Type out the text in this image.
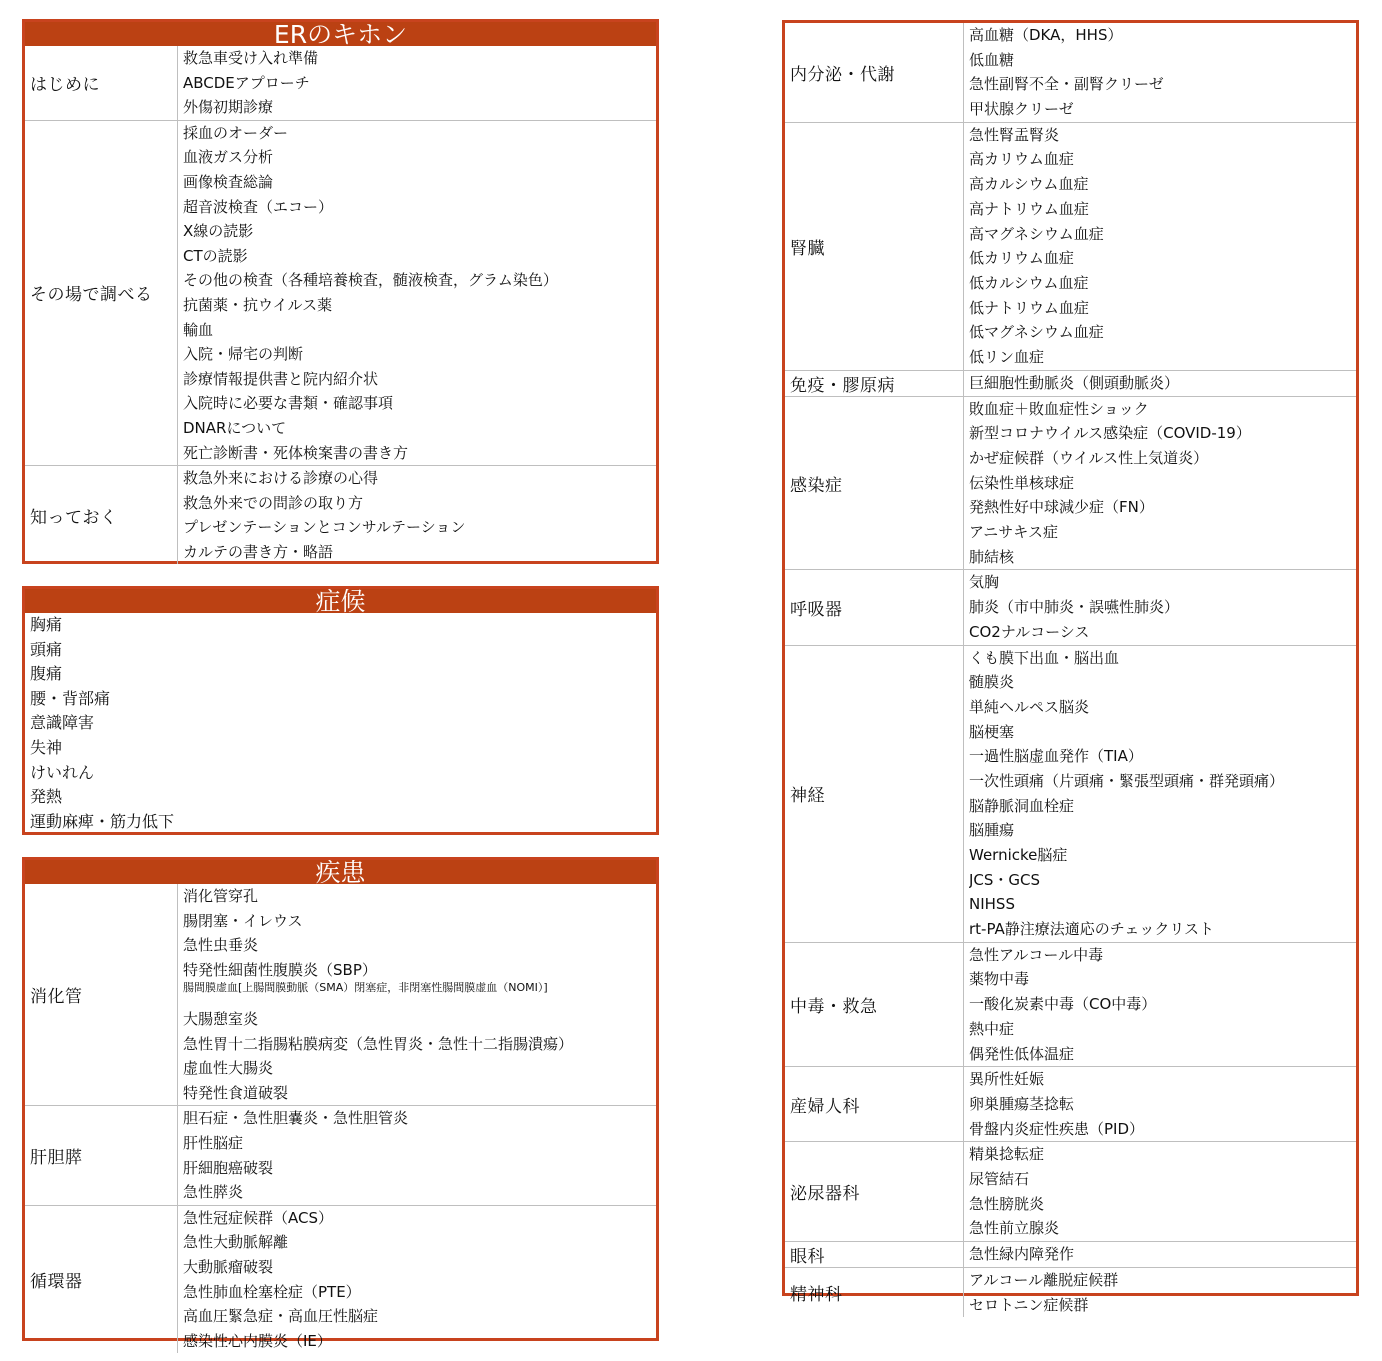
ERのキホン
はじめに
救急車受け入れ準備
ABCDEアプローチ
外傷初期診療
その場で調べる
採血のオーダー
血液ガス分析
画像検査総論
超音波検査（エコー）
X線の読影
CTの読影
その他の検査（各種培養検査，髄液検査，グラム染色）
抗菌薬・抗ウイルス薬
輸血
入院・帰宅の判断
診療情報提供書と院内紹介状
入院時に必要な書類・確認事項
DNARについて
死亡診断書・死体検案書の書き方
知っておく
救急外来における診療の心得
救急外来での問診の取り方
プレゼンテーションとコンサルテーション
カルテの書き方・略語
症候
胸痛
頭痛
腹痛
腰・背部痛
意識障害
失神
けいれん
発熱
運動麻痺・筋力低下
疾患
消化管
消化管穿孔
腸閉塞・イレウス
急性虫垂炎
特発性細菌性腹膜炎（SBP）
腸間膜虚血[上腸間膜動脈（SMA）閉塞症，非閉塞性腸間膜虚血（NOMI）]
大腸憩室炎
急性胃十二指腸粘膜病変（急性胃炎・急性十二指腸潰瘍）
虚血性大腸炎
特発性食道破裂
肝胆膵
胆石症・急性胆嚢炎・急性胆管炎
肝性脳症
肝細胞癌破裂
急性膵炎
循環器
急性冠症候群（ACS）
急性大動脈解離
大動脈瘤破裂
急性肺血栓塞栓症（PTE）
高血圧緊急症・高血圧性脳症
感染性心内膜炎（IE）
内分泌・代謝
高血糖（DKA，HHS）
低血糖
急性副腎不全・副腎クリーゼ
甲状腺クリーゼ
腎臓
急性腎盂腎炎
高カリウム血症
高カルシウム血症
高ナトリウム血症
高マグネシウム血症
低カリウム血症
低カルシウム血症
低ナトリウム血症
低マグネシウム血症
低リン血症
免疫・膠原病	巨細胞性動脈炎（側頭動脈炎）
感染症
敗血症＋敗血症性ショック
新型コロナウイルス感染症（COVID-19）
かぜ症候群（ウイルス性上気道炎）
伝染性単核球症
発熱性好中球減少症（FN）
アニサキス症
肺結核
呼吸器
気胸
肺炎（市中肺炎・誤嚥性肺炎）
CO2ナルコーシス
神経
くも膜下出血・脳出血
髄膜炎
単純ヘルペス脳炎
脳梗塞
一過性脳虚血発作（TIA）
一次性頭痛（片頭痛・緊張型頭痛・群発頭痛）
脳静脈洞血栓症
脳腫瘍
Wernicke脳症
JCS・GCS
NIHSS
rt-PA静注療法適応のチェックリスト
中毒・救急
急性アルコール中毒
薬物中毒
一酸化炭素中毒（CO中毒）
熱中症
偶発性低体温症
産婦人科
異所性妊娠
卵巣腫瘍茎捻転
骨盤内炎症性疾患（PID）
泌尿器科
精巣捻転症
尿管結石
急性膀胱炎
急性前立腺炎
眼科	急性緑内障発作
精神科
アルコール離脱症候群
セロトニン症候群
